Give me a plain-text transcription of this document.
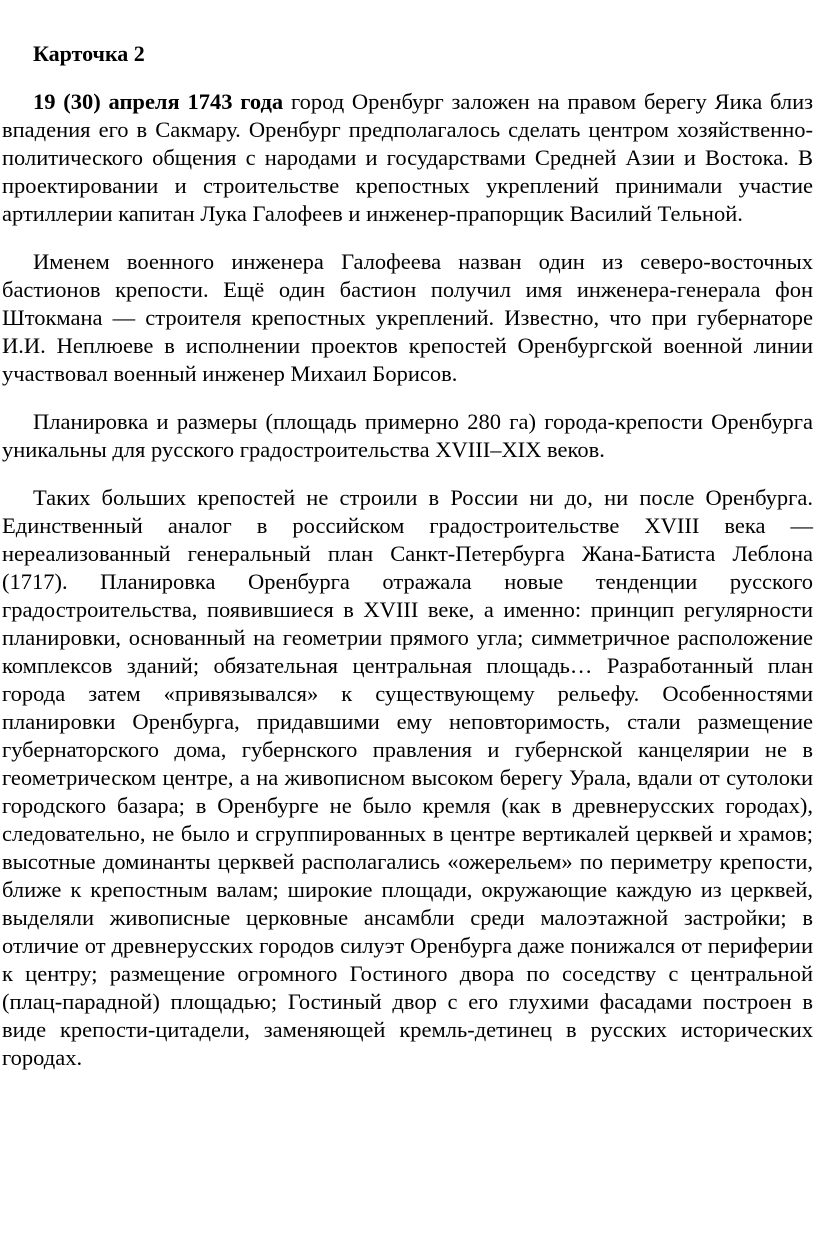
Карточка 2

19 (30) апреля 1743 года город Оренбург заложен на правом берегу Яика близ впадения его в Сакмару. Оренбург предполагалось сделать центром хозяйственно-политического общения с народами и государствами Средней Азии и Востока. В проектировании и строительстве крепостных укреплений принимали участие артиллерии капитан Лука Галофеев и инженер-прапорщик Василий Тельной.

Именем военного инженера Галофеева назван один из северо-восточных бастионов крепости. Ещё один бастион получил имя инженера-генерала фон Штокмана — строителя крепостных укреплений. Известно, что при губернаторе И.И. Неплюеве в исполнении проектов крепостей Оренбургской военной линии участвовал военный инженер Михаил Борисов.

Планировка и размеры (площадь примерно 280 га) города-крепости Оренбурга уникальны для русского градостроительства XVIII–XIX веков.

Таких больших крепостей не строили в России ни до, ни после Оренбурга. Единственный аналог в российском градостроительстве XVIII века — нереализованный генеральный план Санкт-Петербурга Жана-Батиста Леблона (1717). Планировка Оренбурга отражала новые тенденции русского градостроительства, появившиеся в XVIII веке, а именно: принцип регулярности планировки, основанный на геометрии прямого угла; симметричное расположение комплексов зданий; обязательная центральная площадь… Разработанный план города затем «привязывался» к существующему рельефу. Особенностями планировки Оренбурга, придавшими ему неповторимость, стали размещение губернаторского дома, губернского правления и губернской канцелярии не в геометрическом центре, а на живописном высоком берегу Урала, вдали от сутолоки городского базара; в Оренбурге не было кремля (как в древнерусских городах), следовательно, не было и сгруппированных в центре вертикалей церквей и храмов; высотные доминанты церквей располагались «ожерельем» по периметру крепости, ближе к крепостным валам; широкие площади, окружающие каждую из церквей, выделяли живописные церковные ансамбли среди малоэтажной застройки; в отличие от древнерусских городов силуэт Оренбурга даже понижался от периферии к центру; размещение огромного Гостиного двора по соседству с центральной (плац-парадной) площадью; Гостиный двор с его глухими фасадами построен в виде крепости-цитадели, заменяющей кремль-детинец в русских исторических городах.
